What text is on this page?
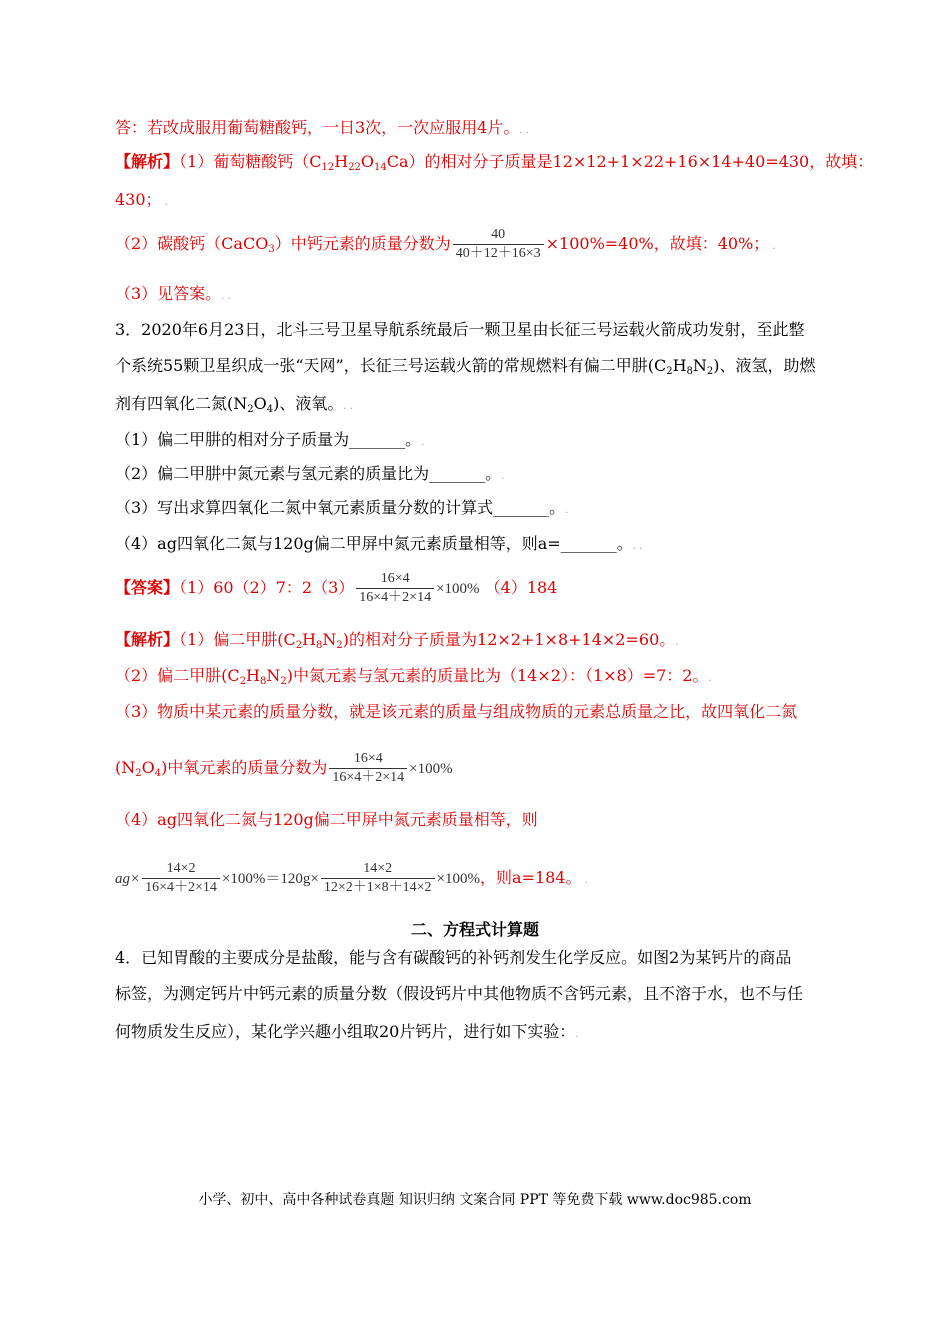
答：若改成服用葡萄糖酸钙，一日3次，一次应服用4片。. .
【解析】（1）葡萄糖酸钙$(C_{12}H_{22}O_{14}Ca)$的相对分子质量是12×12+1×22+16×14+40=430，故填：
430； .
（2）碳酸钙（CaCO$_3$）中钙元素的质量分数为 $\frac{40}{40+12+16\times 3} \times 100\%=40\%$，故填：40%； .
（3）见答案。. .
3．2020年6月23日，北斗三号卫星导航系统最后一颗卫星由长征三号运载火箭成功发射，至此整
个系统55颗卫星织成一张“天网”，长征三号运载火箭的常规燃料有偏二甲肼$(C_2H_8N_2)$、液氢，助燃
剂有四氧化二氮$(N_2O_4)$、液氧。. .
（1）偏二甲肼的相对分子质量为_______。.
（2）偏二甲肼中氮元素与氢元素的质量比为_______。.
（3）写出求算四氧化二氮中氧元素质量分数的计算式_______。.
（4）ag四氧化二氮与120g偏二甲屏中氮元素质量相等，则a=_______。. .
【答案】（1）60（2）7：$2(3) \frac{16\times 4}{16\times 4+2\times 14} \times 100\%$ （4）184
【解析】（1）偏二甲肼$(C_2H_8N_2)$的相对分子质量为12×2+1×8+14×2=60。.
（2）偏二甲肼$(C_2H_8N_2)$中氮元素与氢元素的质量比为（14×2）：（1×8）=7：2。.
（3）物质中某元素的质量分数，就是该元素的质量与组成物质的元素总质量之比，故四氧化二氮
$(N_2O_4)$中氧元素的质量分数为 $\frac{16\times 4}{16\times 4+2\times 14} \times 100\%$
（4）ag四氧化二氮与120g偏二甲屏中氮元素质量相等，则
$ag\times \frac{14\times 2}{16\times 4+2\times 14} \times 100\%=120g\times \frac{14\times 2}{12\times 2+1\times 8+14\times 2} \times 100\%$，则a=184。 .
二、方程式计算题
4．已知胃酸的主要成分是盐酸，能与含有碳酸钙的补钙剂发生化学反应。如图2为某钙片的商品
标签，为测定钙片中钙元素的质量分数（假设钙片中其他物质不含钙元素，且不溶于水，也不与任
何物质发生反应），某化学兴趣小组取20片钙片，进行如下实验：.
小学、初中、高中各种试卷真题 知识归纳 文案合同 PPT 等免费下载 www.doc985.com
